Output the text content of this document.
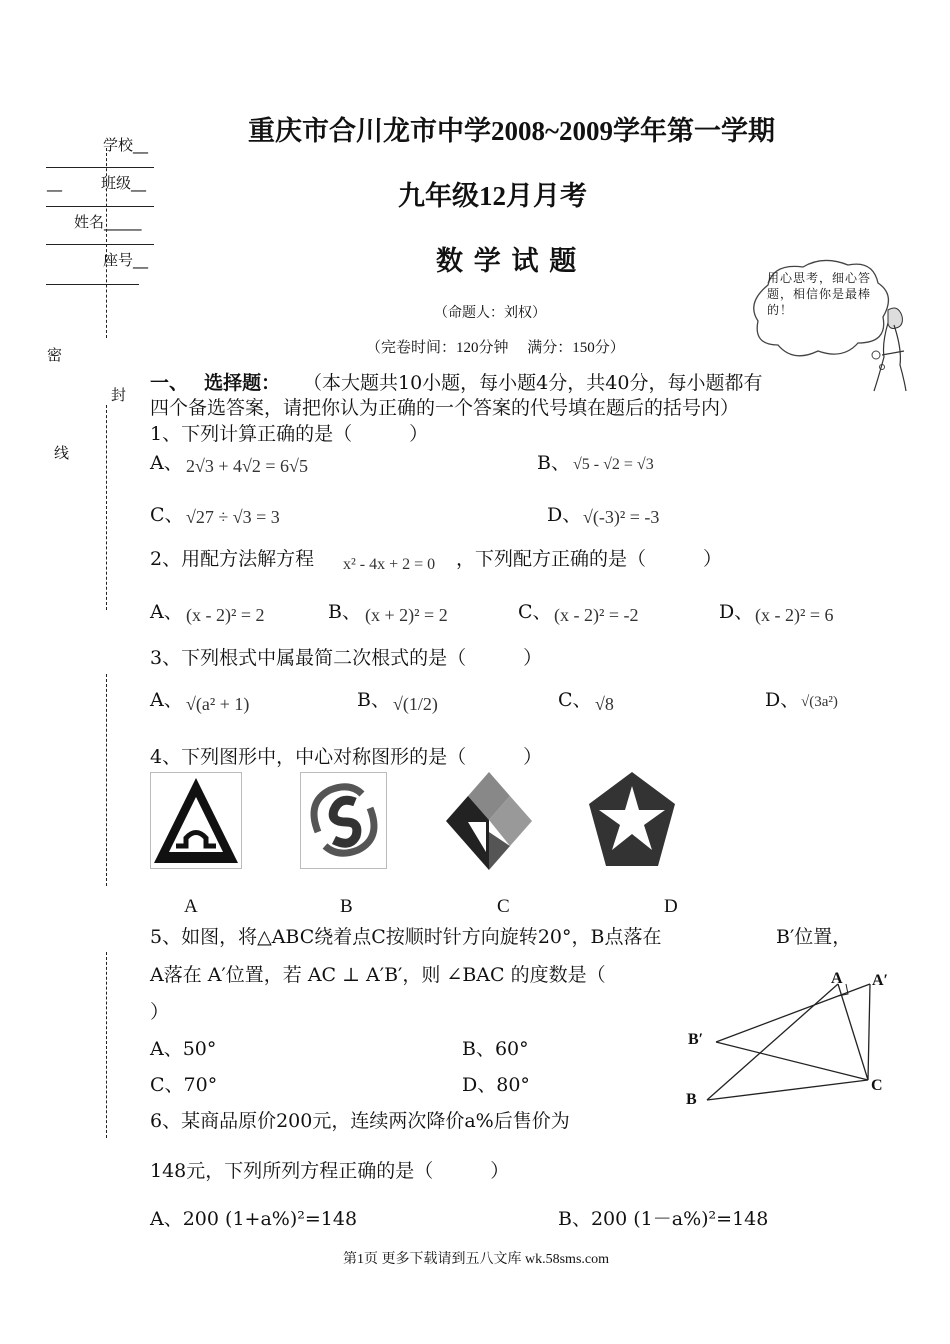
学校__
__	班级__
姓名_____
座号__
密
封
线
重庆市合川龙市中学2008~2009学年第一学期
九年级12月月考
数 学 试 题
（命题人：刘权）
（完卷时间：120分钟　 满分：150分）
用心思考，细心答题，相信你是最棒的！
一、　 选择题： （本大题共10小题，每小题4分，共40分，每小题都有
四个备选答案，请把你认为正确的一个答案的代号填在题后的括号内）
1、下列计算正确的是（　　　）
A、 2√3 + 4√2 = 6√5	B、 √5 - √2 = √3
C、 √27 ÷ √3 = 3	D、 √(-3)² = -3
2、用配方法解方程 x² - 4x + 2 = 0 ，下列配方正确的是（　　　）
A、 (x - 2)² = 2	B、 (x + 2)² = 2	C、 (x - 2)² = -2	D、 (x - 2)² = 6
3、下列根式中属最简二次根式的是（　　　）
A、 √(a² + 1)	B、 √(1/2)	C、 √8	D、 √(3a²)
4、下列图形中，中心对称图形的是（　　　）
A	B	C	D
5、如图，将△ABC绕着点C按顺时针方向旋转20°，B点落在	B′位置，
A落在 A′位置，若 AC ⊥ A′B′，则 ∠BAC 的度数是（
）
A、50°	B、60°
C、70°	D、80°
A A′
B′
B
C
6、某商品原价200元，连续两次降价a%后售价为
148元，下列所列方程正确的是（　　　）
A、200 (1+a%)²=148	B、200 (1－a%)²=148
第1页 更多下载请到五八文库 wk.58sms.com
